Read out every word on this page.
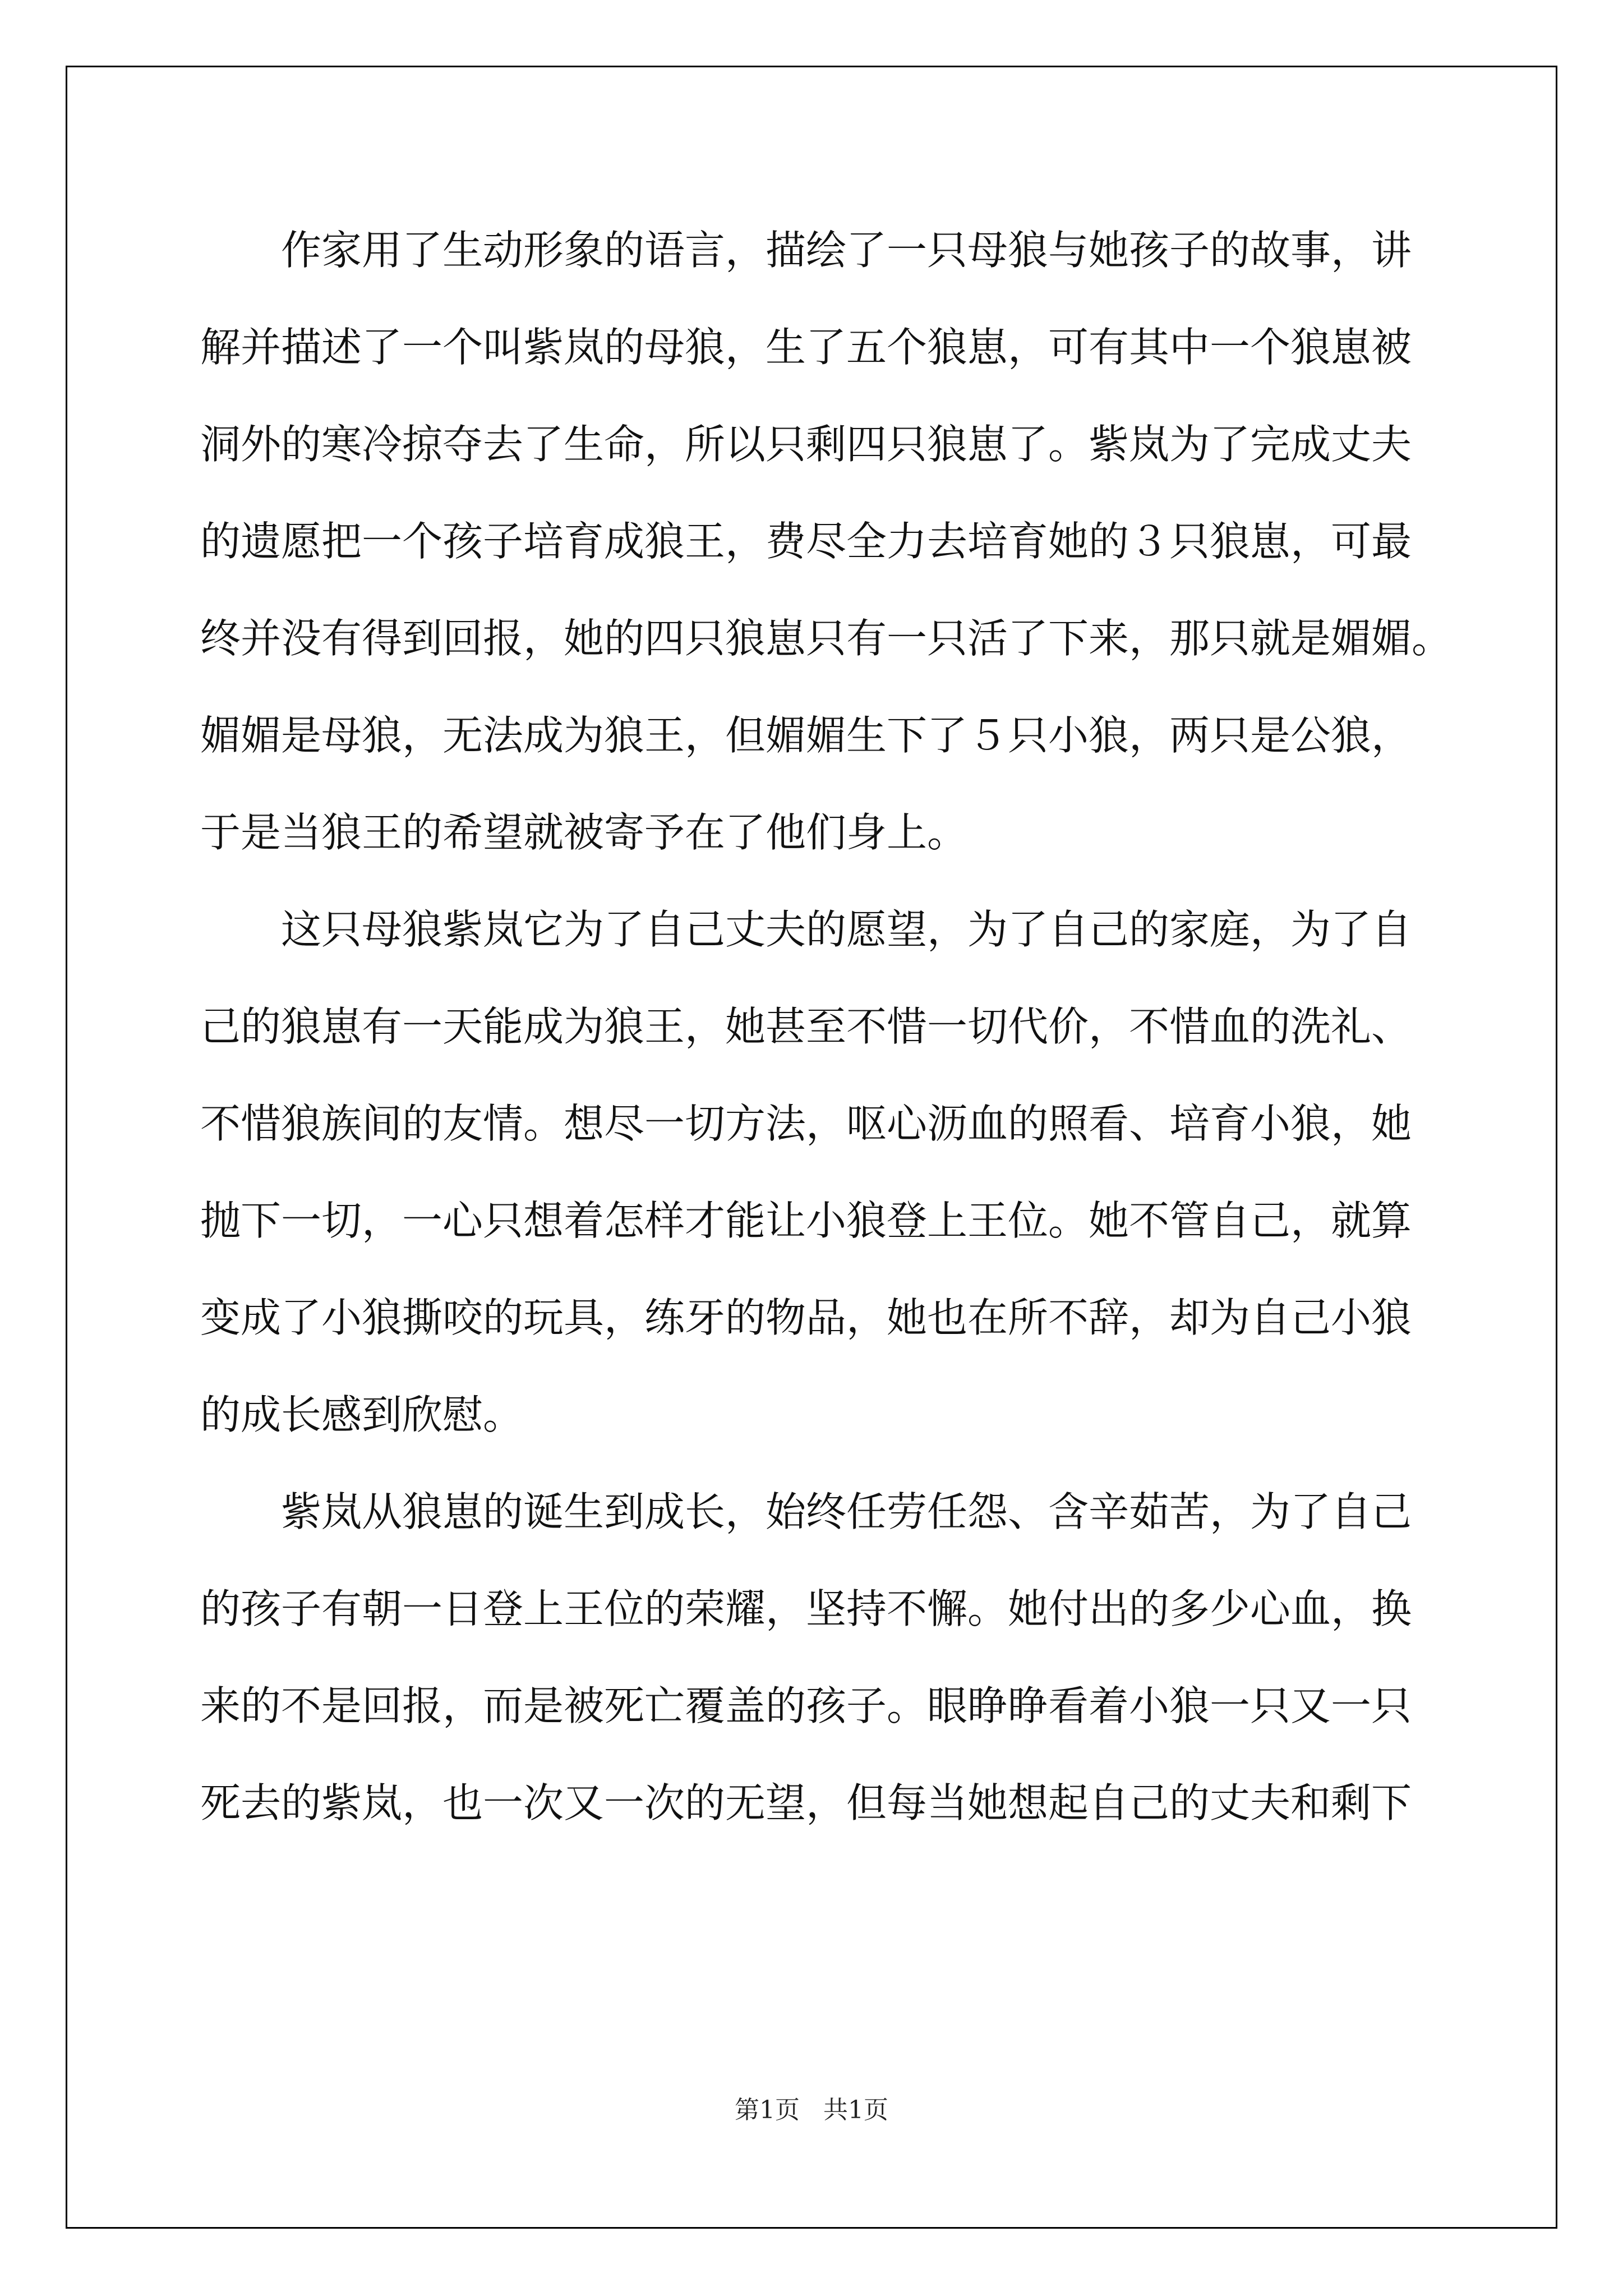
作家用了生动形象的语言，描绘了一只母狼与她孩子的故事，讲
解并描述了一个叫紫岚的母狼，生了五个狼崽，可有其中一个狼崽被
洞外的寒冷掠夺去了生命，所以只剩四只狼崽了。紫岚为了完成丈夫
的遗愿把一个孩子培育成狼王，费尽全力去培育她的３只狼崽，可最
终并没有得到回报，她的四只狼崽只有一只活了下来，那只就是媚媚。
媚媚是母狼，无法成为狼王，但媚媚生下了５只小狼，两只是公狼，
于是当狼王的希望就被寄予在了他们身上。
这只母狼紫岚它为了自己丈夫的愿望，为了自己的家庭，为了自
己的狼崽有一天能成为狼王，她甚至不惜一切代价，不惜血的洗礼、
不惜狼族间的友情。想尽一切方法，呕心沥血的照看、培育小狼，她
抛下一切，一心只想着怎样才能让小狼登上王位。她不管自己，就算
变成了小狼撕咬的玩具，练牙的物品，她也在所不辞，却为自己小狼
的成长感到欣慰。
紫岚从狼崽的诞生到成长，始终任劳任怨、含辛茹苦，为了自己
的孩子有朝一日登上王位的荣耀，坚持不懈。她付出的多少心血，换
来的不是回报，而是被死亡覆盖的孩子。眼睁睁看着小狼一只又一只
死去的紫岚，也一次又一次的无望，但每当她想起自己的丈夫和剩下
第1页   共1页
